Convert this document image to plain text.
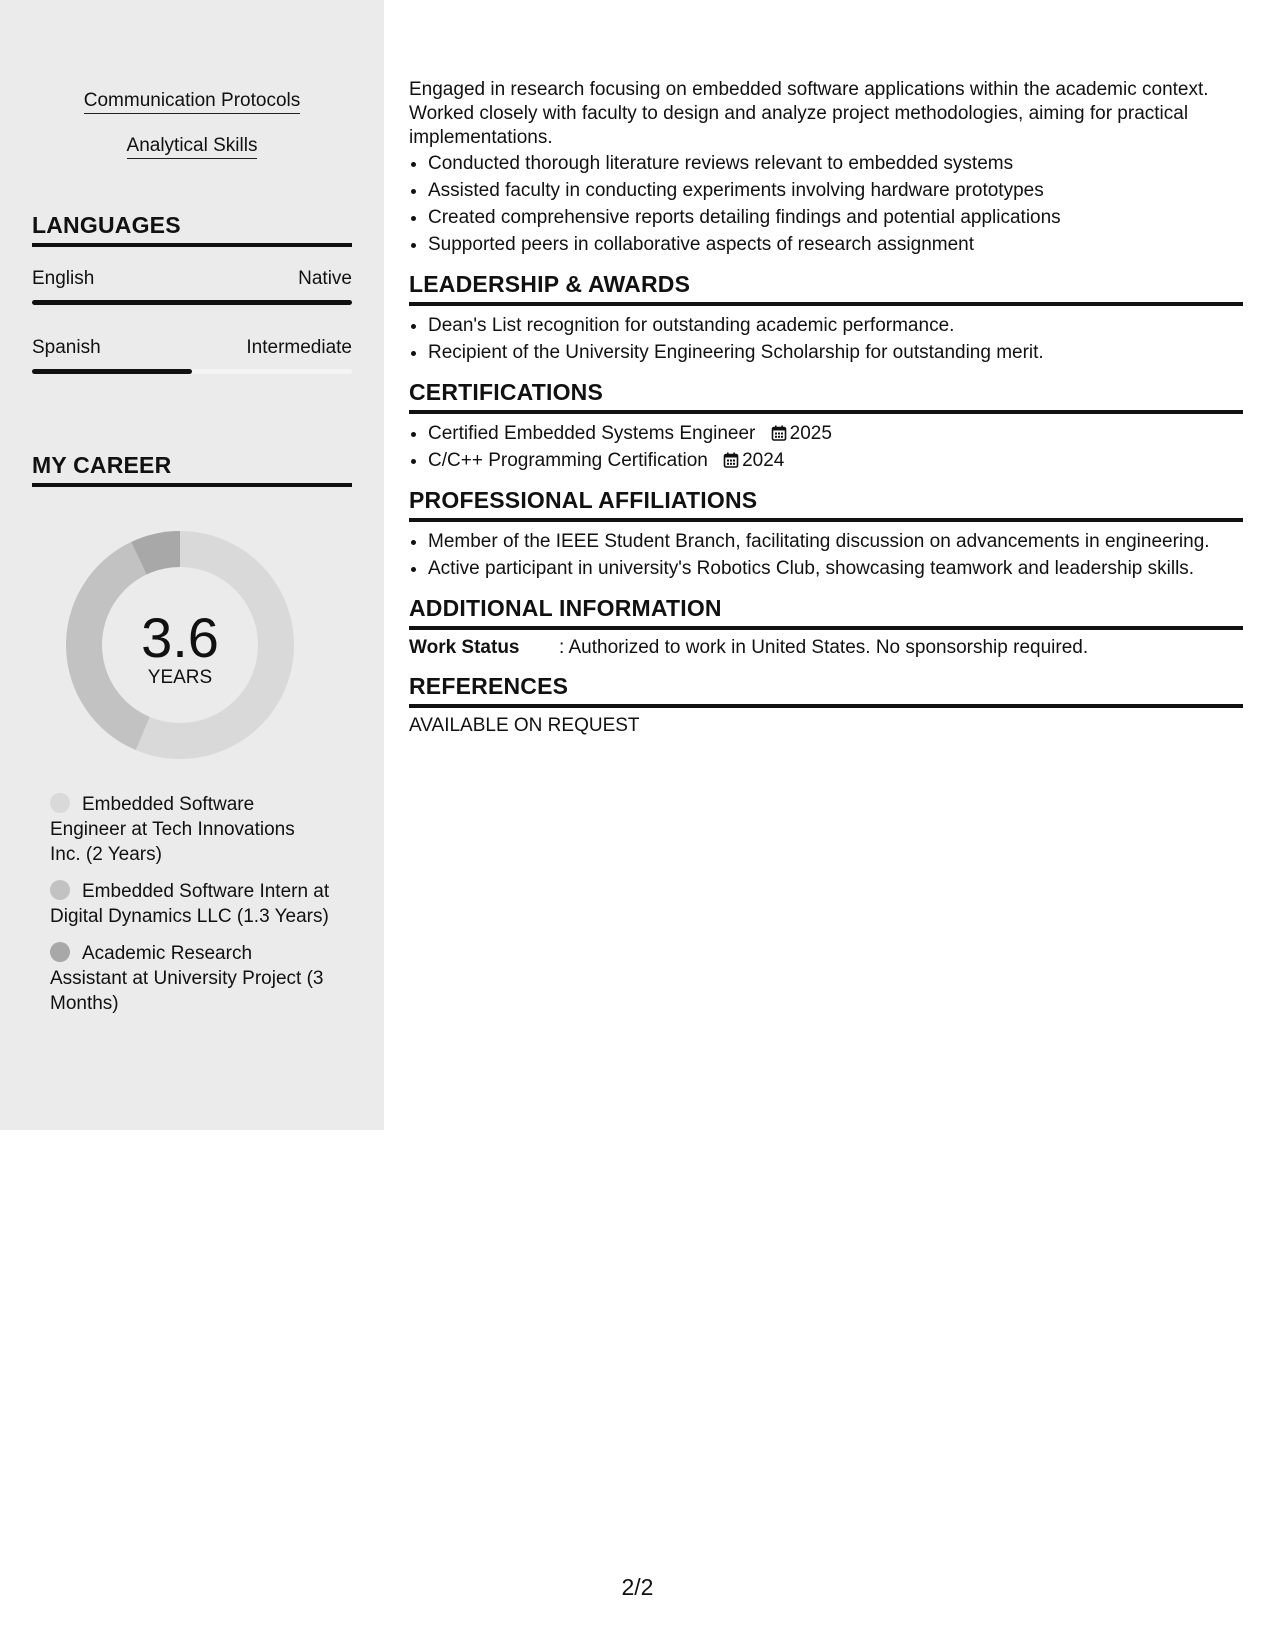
Communication Protocols
Analytical Skills
LANGUAGES
English	Native
Spanish	Intermediate
MY CAREER
3.6
YEARS
Embedded Software Engineer at Tech Innovations Inc. (2 Years)
Embedded Software Intern at Digital Dynamics LLC (1.3 Years)
Academic Research Assistant at University Project (3 Months)

Engaged in research focusing on embedded software applications within the academic context. Worked closely with faculty to design and analyze project methodologies, aiming for practical implementations.

• Conducted thorough literature reviews relevant to embedded systems
• Assisted faculty in conducting experiments involving hardware prototypes
• Created comprehensive reports detailing findings and potential applications
• Supported peers in collaborative aspects of research assignment
LEADERSHIP & AWARDS
• Dean's List recognition for outstanding academic performance.
• Recipient of the University Engineering Scholarship for outstanding merit.
CERTIFICATIONS
• Certified Embedded Systems Engineer 2025
• C/C++ Programming Certification 2024
PROFESSIONAL AFFILIATIONS
• Member of the IEEE Student Branch, facilitating discussion on advancements in engineering.
• Active participant in university's Robotics Club, showcasing teamwork and leadership skills.
ADDITIONAL INFORMATION
Work Status	: Authorized to work in United States. No sponsorship required.
REFERENCES

AVAILABLE ON REQUEST

2/2
